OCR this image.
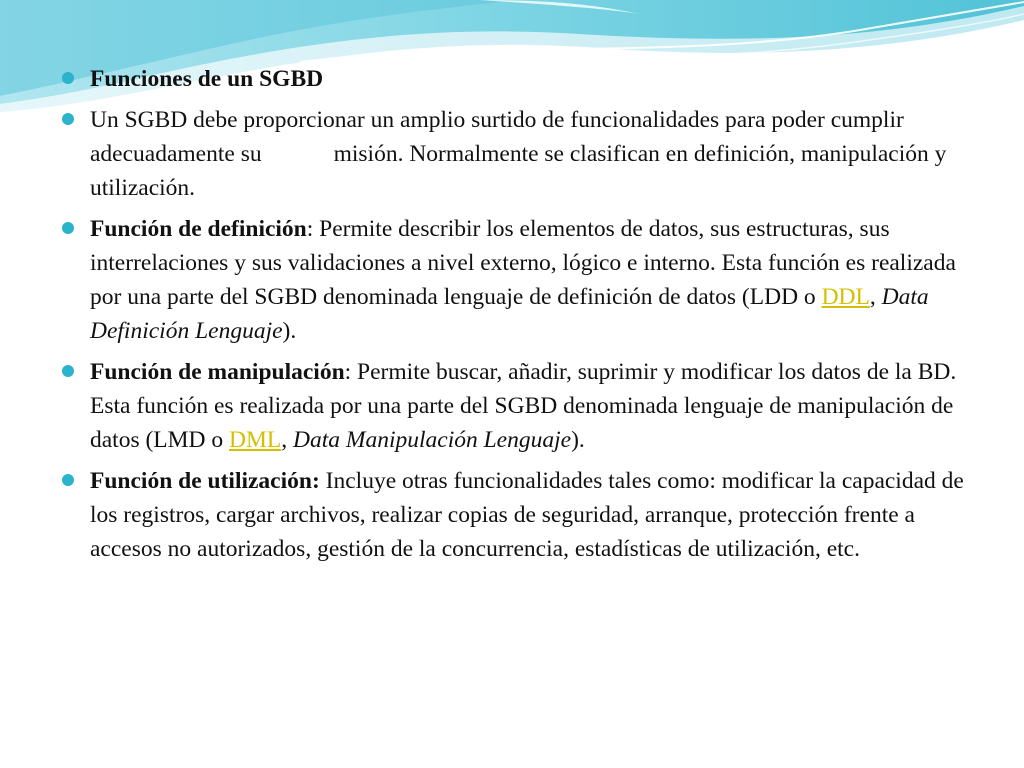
Funciones de un SGBD
Un SGBD debe proporcionar un amplio surtido de funcionalidades para poder cumplir adecuadamente su	misión. Normalmente se clasifican en definición, manipulación y utilización.
Función de definición: Permite describir los elementos de datos, sus estructuras, sus interrelaciones y sus validaciones a nivel externo, lógico e interno. Esta función es realizada por una parte del SGBD denominada lenguaje de definición de datos (LDD o DDL, Data Definición Lenguaje).
Función de manipulación: Permite buscar, añadir, suprimir y modificar los datos de la BD. Esta función es realizada por una parte del SGBD denominada lenguaje de manipulación de datos (LMD o DML, Data Manipulación Lenguaje).
Función de utilización: Incluye otras funcionalidades tales como: modificar la capacidad de los registros, cargar archivos, realizar copias de seguridad, arranque, protección frente a accesos no autorizados, gestión de la concurrencia, estadísticas de utilización, etc.
